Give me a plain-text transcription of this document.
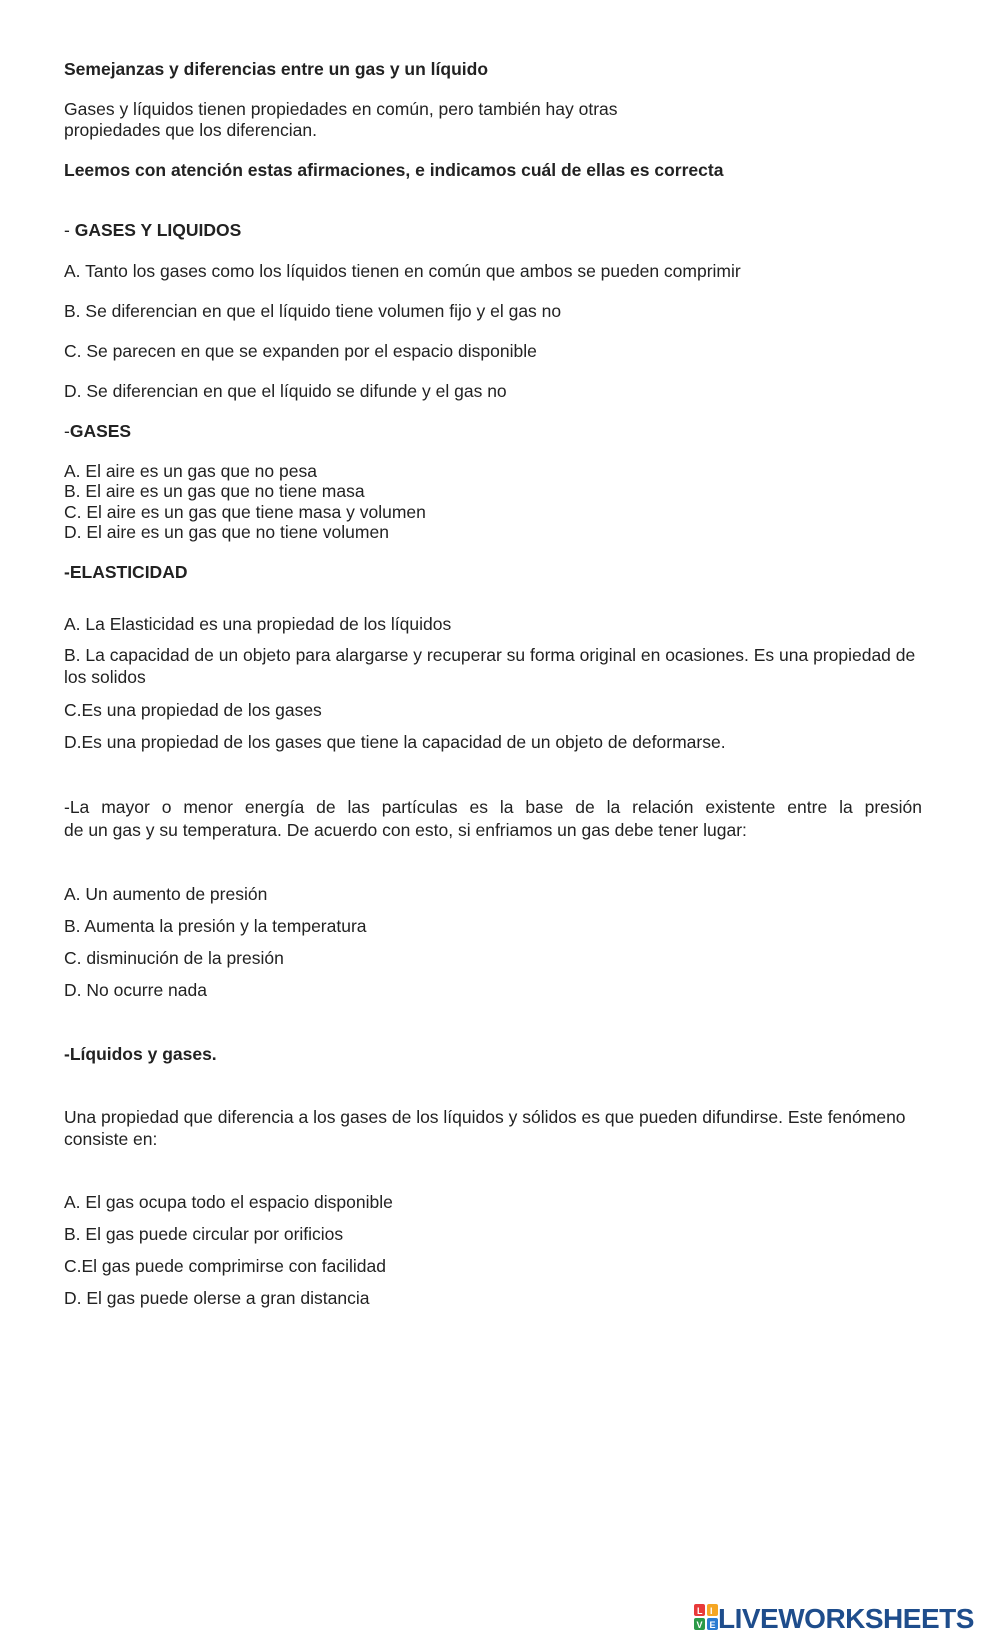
Semejanzas y diferencias entre un gas y un líquido
Gases y líquidos tienen propiedades en común, pero también hay otras
propiedades que los diferencian.
Leemos con atención estas afirmaciones, e indicamos cuál de ellas es correcta
- GASES Y LIQUIDOS
A. Tanto los gases como los líquidos tienen en común que ambos se pueden comprimir
B. Se diferencian en que el líquido tiene volumen fijo y el gas no
C. Se parecen en que se expanden por el espacio disponible
D. Se diferencian en que el líquido se difunde y el gas no
-GASES
A. El aire es un gas que no pesa
B. El aire es un gas que no tiene masa
C. El aire es un gas que tiene masa y volumen
D. El aire es un gas que no tiene volumen
-ELASTICIDAD
A. La Elasticidad es una propiedad de los líquidos
B. La capacidad de un objeto para alargarse y recuperar su forma original en ocasiones. Es una propiedad de los solidos
C.Es una propiedad de los gases
D.Es una propiedad de los gases que tiene la capacidad de un objeto de deformarse.
-La mayor o menor energía de las partículas es la base de la relación existente entre la presión
de un gas y su temperatura. De acuerdo con esto, si enfriamos un gas debe tener lugar:
A. Un aumento de presión
B. Aumenta la presión y la temperatura
C. disminución de la presión
D. No ocurre nada
-Líquidos y gases.
Una propiedad que diferencia a los gases de los líquidos y sólidos es que pueden difundirse. Este fenómeno consiste en:
A. El gas ocupa todo el espacio disponible
B. El gas puede circular por orificios
C.El gas puede comprimirse con facilidad
D. El gas puede olerse a gran distancia
L I
V E LIVEWORKSHEETS
